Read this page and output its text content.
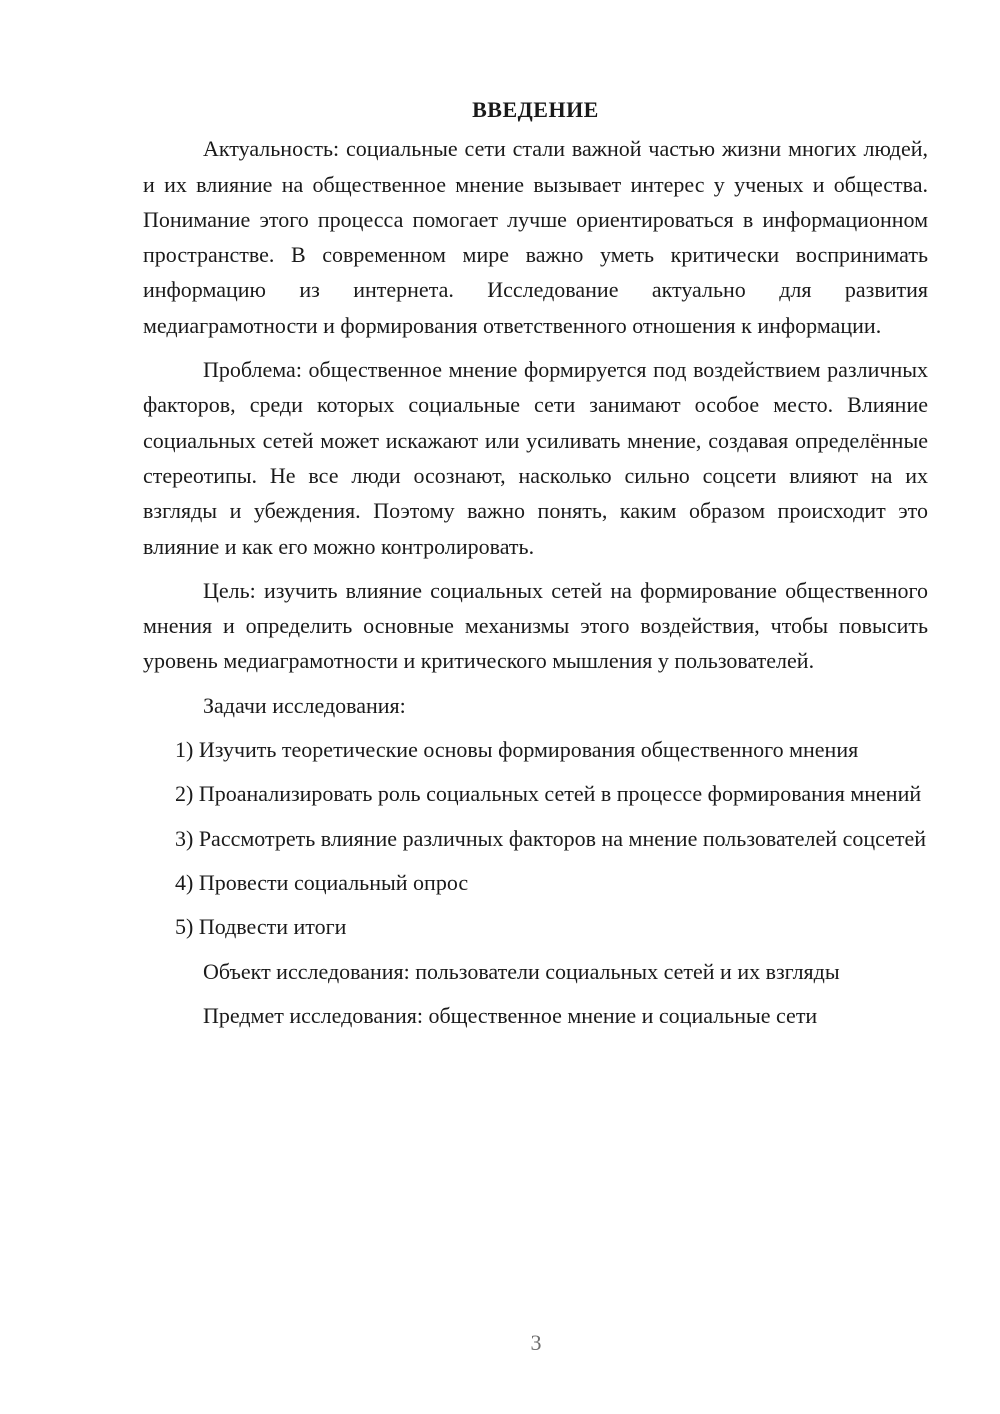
ВВЕДЕНИЕ

Актуальность: социальные сети стали важной частью жизни многих людей, и их влияние на общественное мнение вызывает интерес у ученых и общества. Понимание этого процесса помогает лучше ориентироваться в информационном пространстве. В современном мире важно уметь критически воспринимать информацию из интернета. Исследование актуально для развития медиаграмотности и формирования ответственного отношения к информации.

Проблема: общественное мнение формируется под воздействием различных факторов, среди которых социальные сети занимают особое место. Влияние социальных сетей может искажают или усиливать мнение, создавая определённые стереотипы. Не все люди осознают, насколько сильно соцсети влияют на их взгляды и убеждения. Поэтому важно понять, каким образом происходит это влияние и как его можно контролировать.

Цель: изучить влияние социальных сетей на формирование общественного мнения и определить основные механизмы этого воздействия, чтобы повысить уровень медиаграмотности и критического мышления у пользователей.

Задачи исследования:

1) Изучить теоретические основы формирования общественного мнения

2) Проанализировать роль социальных сетей в процессе формирования мнений

3) Рассмотреть влияние различных факторов на мнение пользователей соцсетей

4) Провести социальный опрос

5) Подвести итоги

Объект исследования: пользователи социальных сетей и их взгляды

Предмет исследования: общественное мнение и социальные сети

3
